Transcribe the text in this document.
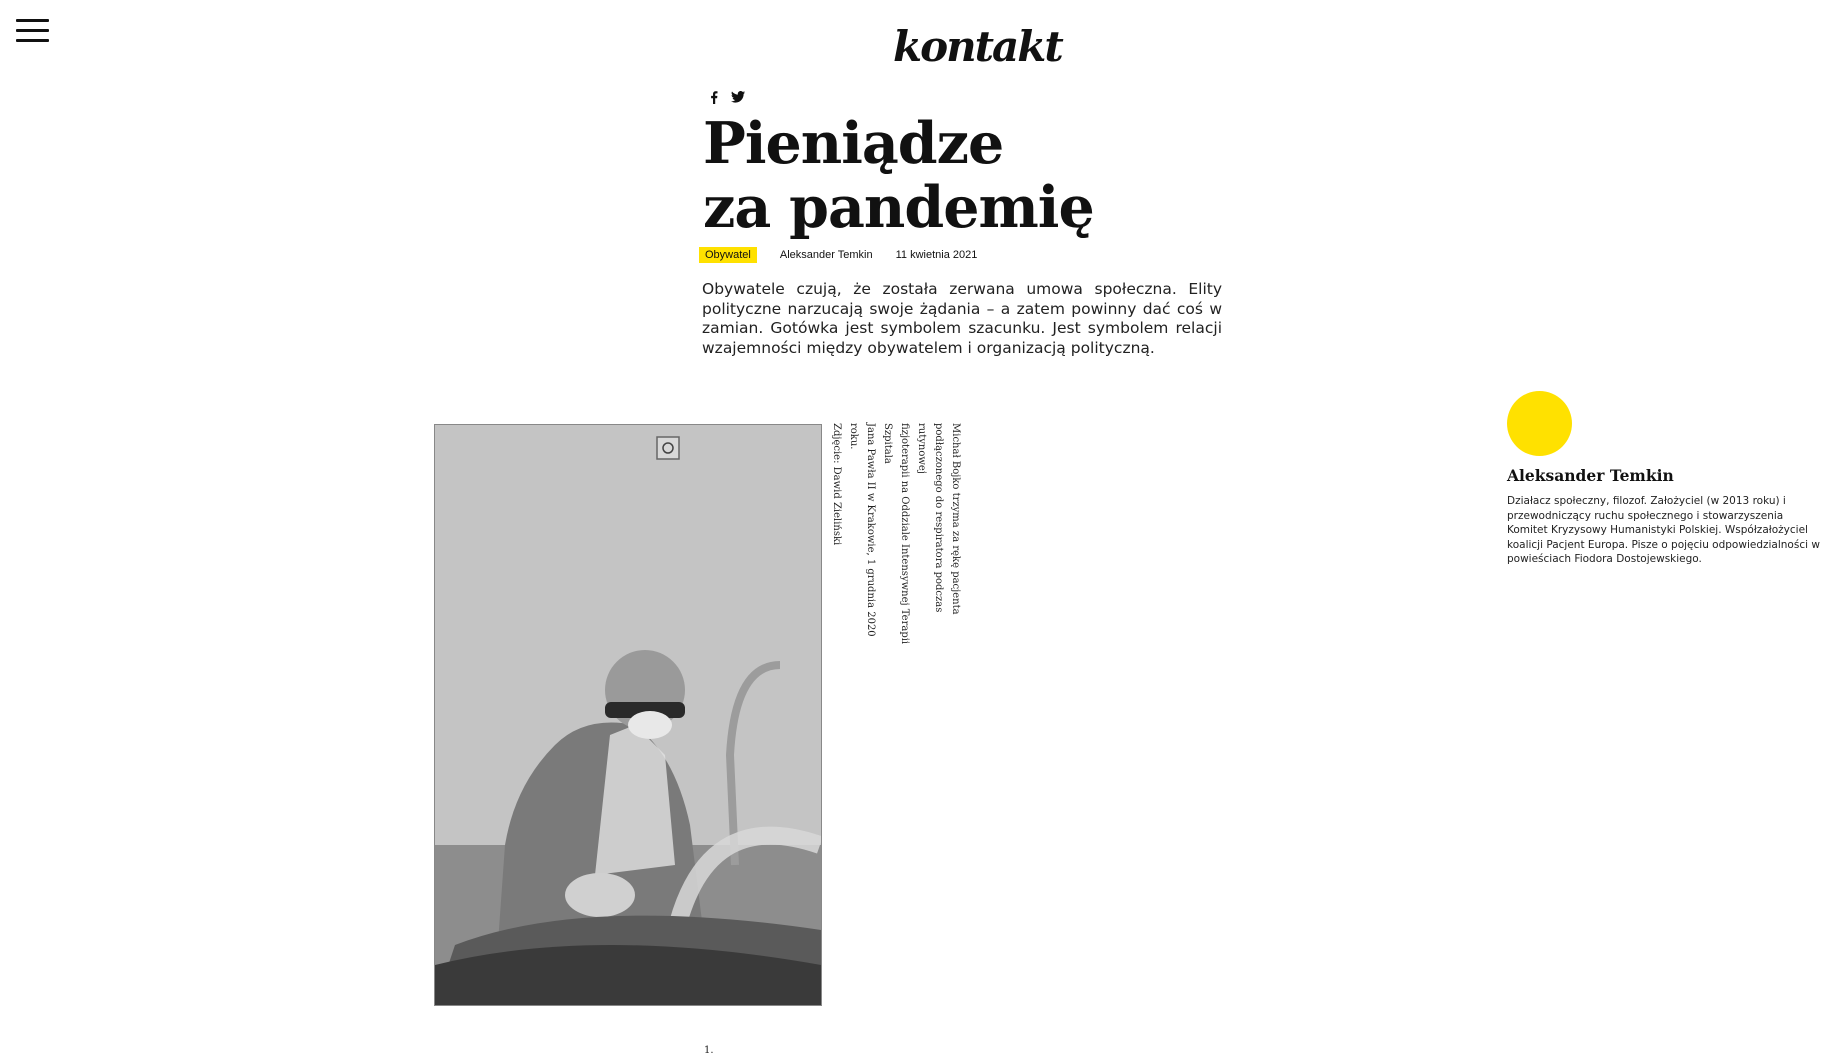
kontakt
Pieniądze
za pandemię
Obywatel	Aleksander Temkin 11 kwietnia 2021

Obywatele czują, że została zerwana umowa społeczna. Elity polityczne narzucają swoje żądania – a zatem powinny dać coś w zamian. Gotówka jest symbolem szacunku. Jest symbolem relacji wzajemności między obywatelem i organizacją polityczną.

Michał Bojko trzyma za rękę pacjenta
podłączonego do respiratora podczas rutynowej
fizjoterapii na Oddziale Intensywnej Terapii Szpitala
Jana Pawła II w Krakowie, 1 grudnia 2020 roku.
Zdjęcie: Dawid Zieliński
1.
Aleksander Temkin

Działacz społeczny, filozof. Założyciel (w 2013 roku) i przewodniczący ruchu społecznego i stowarzyszenia Komitet Kryzysowy Humanistyki Polskiej. Współzałożyciel koalicji Pacjent Europa. Pisze o pojęciu odpowiedzialności w powieściach Fiodora Dostojewskiego.
